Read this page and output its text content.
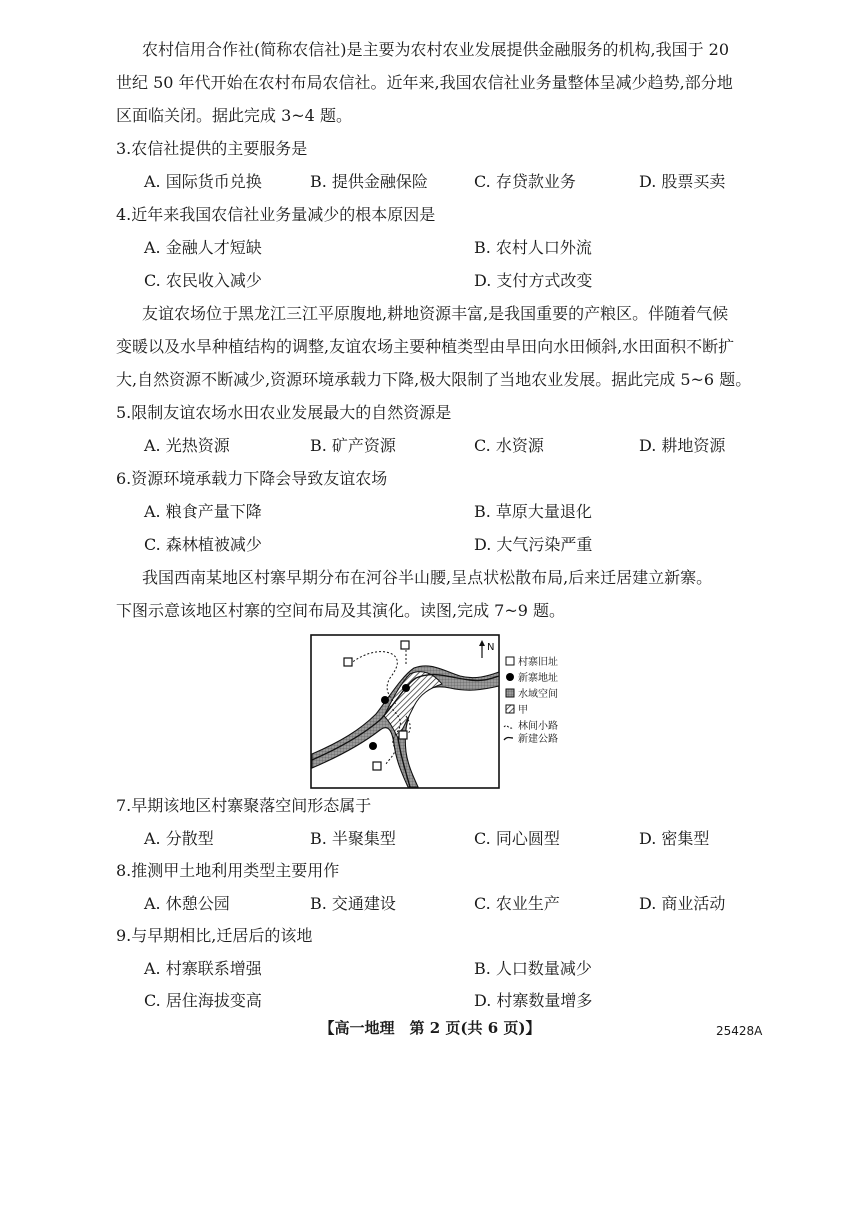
农村信用合作社(简称农信社)是主要为农村农业发展提供金融服务的机构,我国于 20
世纪 50 年代开始在农村布局农信社。近年来,我国农信社业务量整体呈减少趋势,部分地
区面临关闭。据此完成 3~4 题。
3.农信社提供的主要服务是
A. 国际货币兑换	B. 提供金融保险	C. 存贷款业务	D. 股票买卖
4.近年来我国农信社业务量减少的根本原因是
A. 金融人才短缺	B. 农村人口外流
C. 农民收入减少	D. 支付方式改变
友谊农场位于黑龙江三江平原腹地,耕地资源丰富,是我国重要的产粮区。伴随着气候
变暖以及水旱种植结构的调整,友谊农场主要种植类型由旱田向水田倾斜,水田面积不断扩
大,自然资源不断减少,资源环境承载力下降,极大限制了当地农业发展。据此完成 5~6 题。
5.限制友谊农场水田农业发展最大的自然资源是
A. 光热资源	B. 矿产资源	C. 水资源	D. 耕地资源
6.资源环境承载力下降会导致友谊农场
A. 粮食产量下降	B. 草原大量退化
C. 森林植被减少	D. 大气污染严重
我国西南某地区村寨早期分布在河谷半山腰,呈点状松散布局,后来迁居建立新寨。
下图示意该地区村寨的空间布局及其演化。读图,完成 7~9 题。
N
村寨旧址
新寨地址
水域空间
甲
林间小路
新建公路
7.早期该地区村寨聚落空间形态属于
A. 分散型	B. 半聚集型	C. 同心圆型	D. 密集型
8.推测甲土地利用类型主要用作
A. 休憩公园	B. 交通建设	C. 农业生产	D. 商业活动
9.与早期相比,迁居后的该地
A. 村寨联系增强	B. 人口数量减少
C. 居住海拔变高	D. 村寨数量增多
【高一地理　第 2 页(共 6 页)】	25428A
